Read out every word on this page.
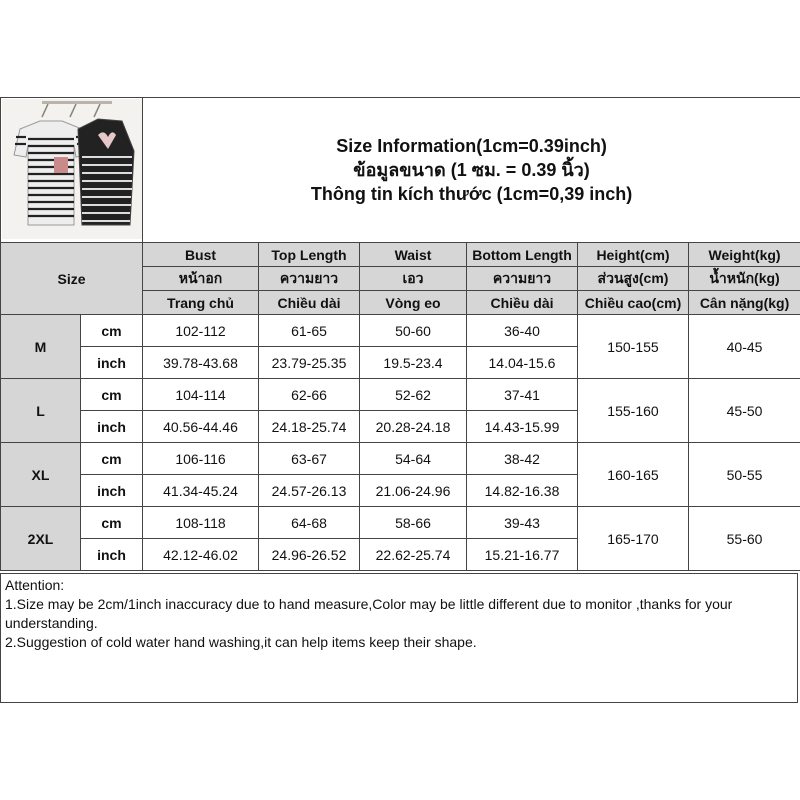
Size Information(1cm=0.39inch)
ข้อมูลขนาด (1 ซม. = 0.39 นิ้ว)
Thông tin kích thước (1cm=0,39 inch)					

Size		Bust	Top Length	Waist	Bottom Length	Height(cm)	Weight(kg)
		หน้าอก	ความยาว	เอว	ความยาว	ส่วนสูง(cm)	น้ำหนัก(kg)
		Trang chủ	Chiều dài	Vòng eo	Chiều dài	Chiều cao(cm)	Cân nặng(kg)
M	cm	102-112	61-65	50-60	36-40	150-155	40-45
	inch	39.78-43.68	23.79-25.35	19.5-23.4	14.04-15.6		
L	cm	104-114	62-66	52-62	37-41	155-160	45-50
	inch	40.56-44.46	24.18-25.74	20.28-24.18	14.43-15.99		
XL	cm	106-116	63-67	54-64	38-42	160-165	50-55
	inch	41.34-45.24	24.57-26.13	21.06-24.96	14.82-16.38		
2XL	cm	108-118	64-68	58-66	39-43	165-170	55-60
	inch	42.12-46.02	24.96-26.52	22.62-25.74	15.21-16.77		
Attention:
1.Size may be 2cm/1inch inaccuracy due to hand measure,Color may be little different due to monitor ,thanks for your understanding.
2.Suggestion of cold water hand washing,it can help items keep their shape.
